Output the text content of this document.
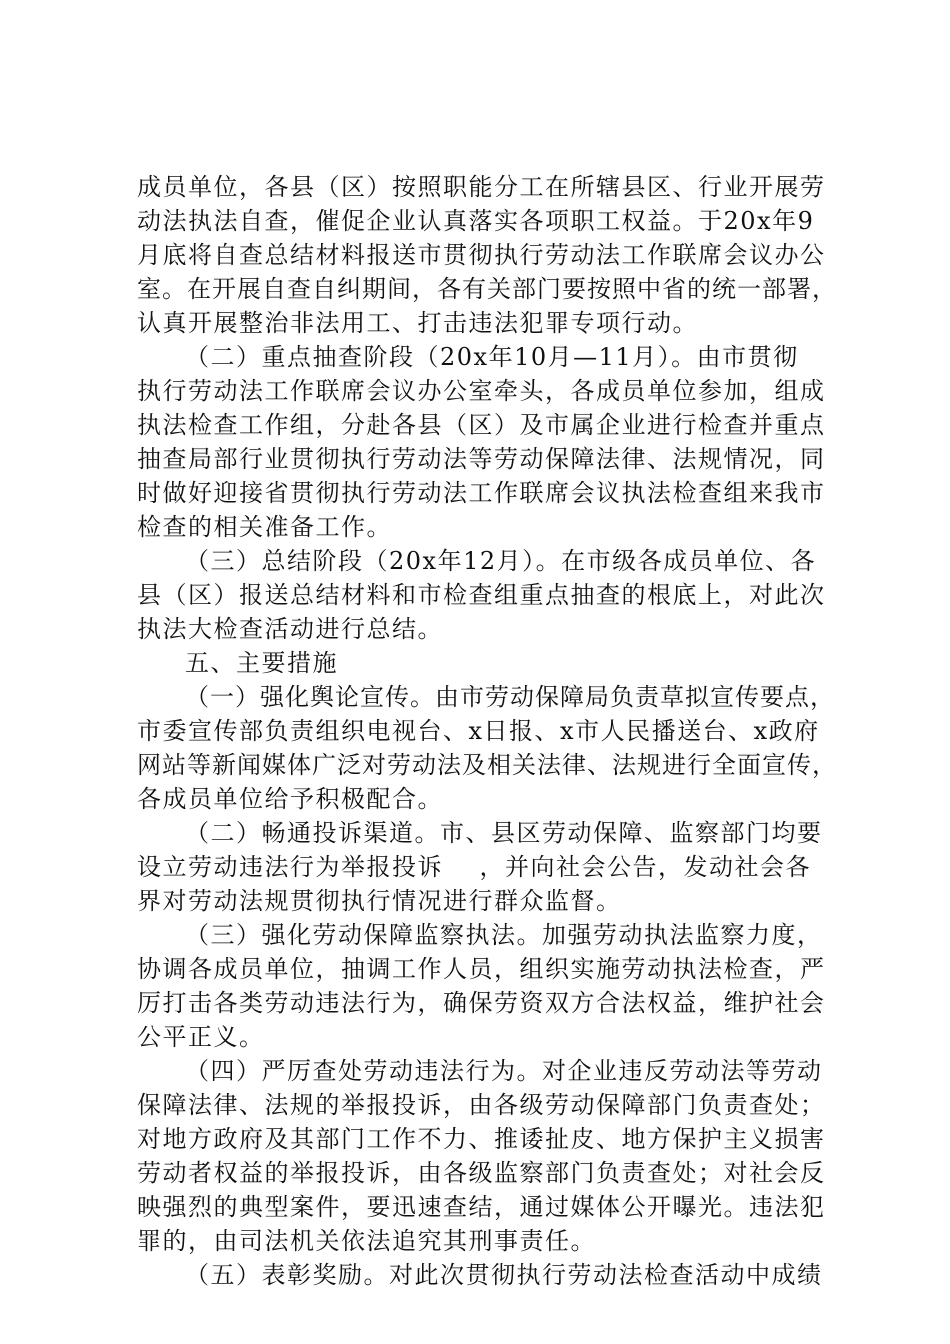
成员单位，各县（区）按照职能分工在所辖县区、行业开展劳
动法执法自查，催促企业认真落实各项职工权益。于20x年9
月底将自查总结材料报送市贯彻执行劳动法工作联席会议办公
室。在开展自查自纠期间，各有关部门要按照中省的统一部署，
认真开展整治非法用工、打击违法犯罪专项行动。
（二）重点抽查阶段（20x年10月—11月）。由市贯彻
执行劳动法工作联席会议办公室牵头，各成员单位参加，组成
执法检查工作组，分赴各县（区）及市属企业进行检查并重点
抽查局部行业贯彻执行劳动法等劳动保障法律、法规情况，同
时做好迎接省贯彻执行劳动法工作联席会议执法检查组来我市
检查的相关准备工作。
（三）总结阶段（20x年12月）。在市级各成员单位、各
县（区）报送总结材料和市检查组重点抽查的根底上，对此次
执法大检查活动进行总结。
五、主要措施
（一）强化舆论宣传。由市劳动保障局负责草拟宣传要点，
市委宣传部负责组织电视台、x日报、x市人民播送台、x政府
网站等新闻媒体广泛对劳动法及相关法律、法规进行全面宣传，
各成员单位给予积极配合。
（二）畅通投诉渠道。市、县区劳动保障、监察部门均要
设立劳动违法行为举报投诉    ，并向社会公告，发动社会各
界对劳动法规贯彻执行情况进行群众监督。
（三）强化劳动保障监察执法。加强劳动执法监察力度，
协调各成员单位，抽调工作人员，组织实施劳动执法检查，严
厉打击各类劳动违法行为，确保劳资双方合法权益，维护社会
公平正义。
（四）严厉查处劳动违法行为。对企业违反劳动法等劳动
保障法律、法规的举报投诉，由各级劳动保障部门负责查处；
对地方政府及其部门工作不力、推诿扯皮、地方保护主义损害
劳动者权益的举报投诉，由各级监察部门负责查处；对社会反
映强烈的典型案件，要迅速查结，通过媒体公开曝光。违法犯
罪的，由司法机关依法追究其刑事责任。
（五）表彰奖励。对此次贯彻执行劳动法检查活动中成绩
